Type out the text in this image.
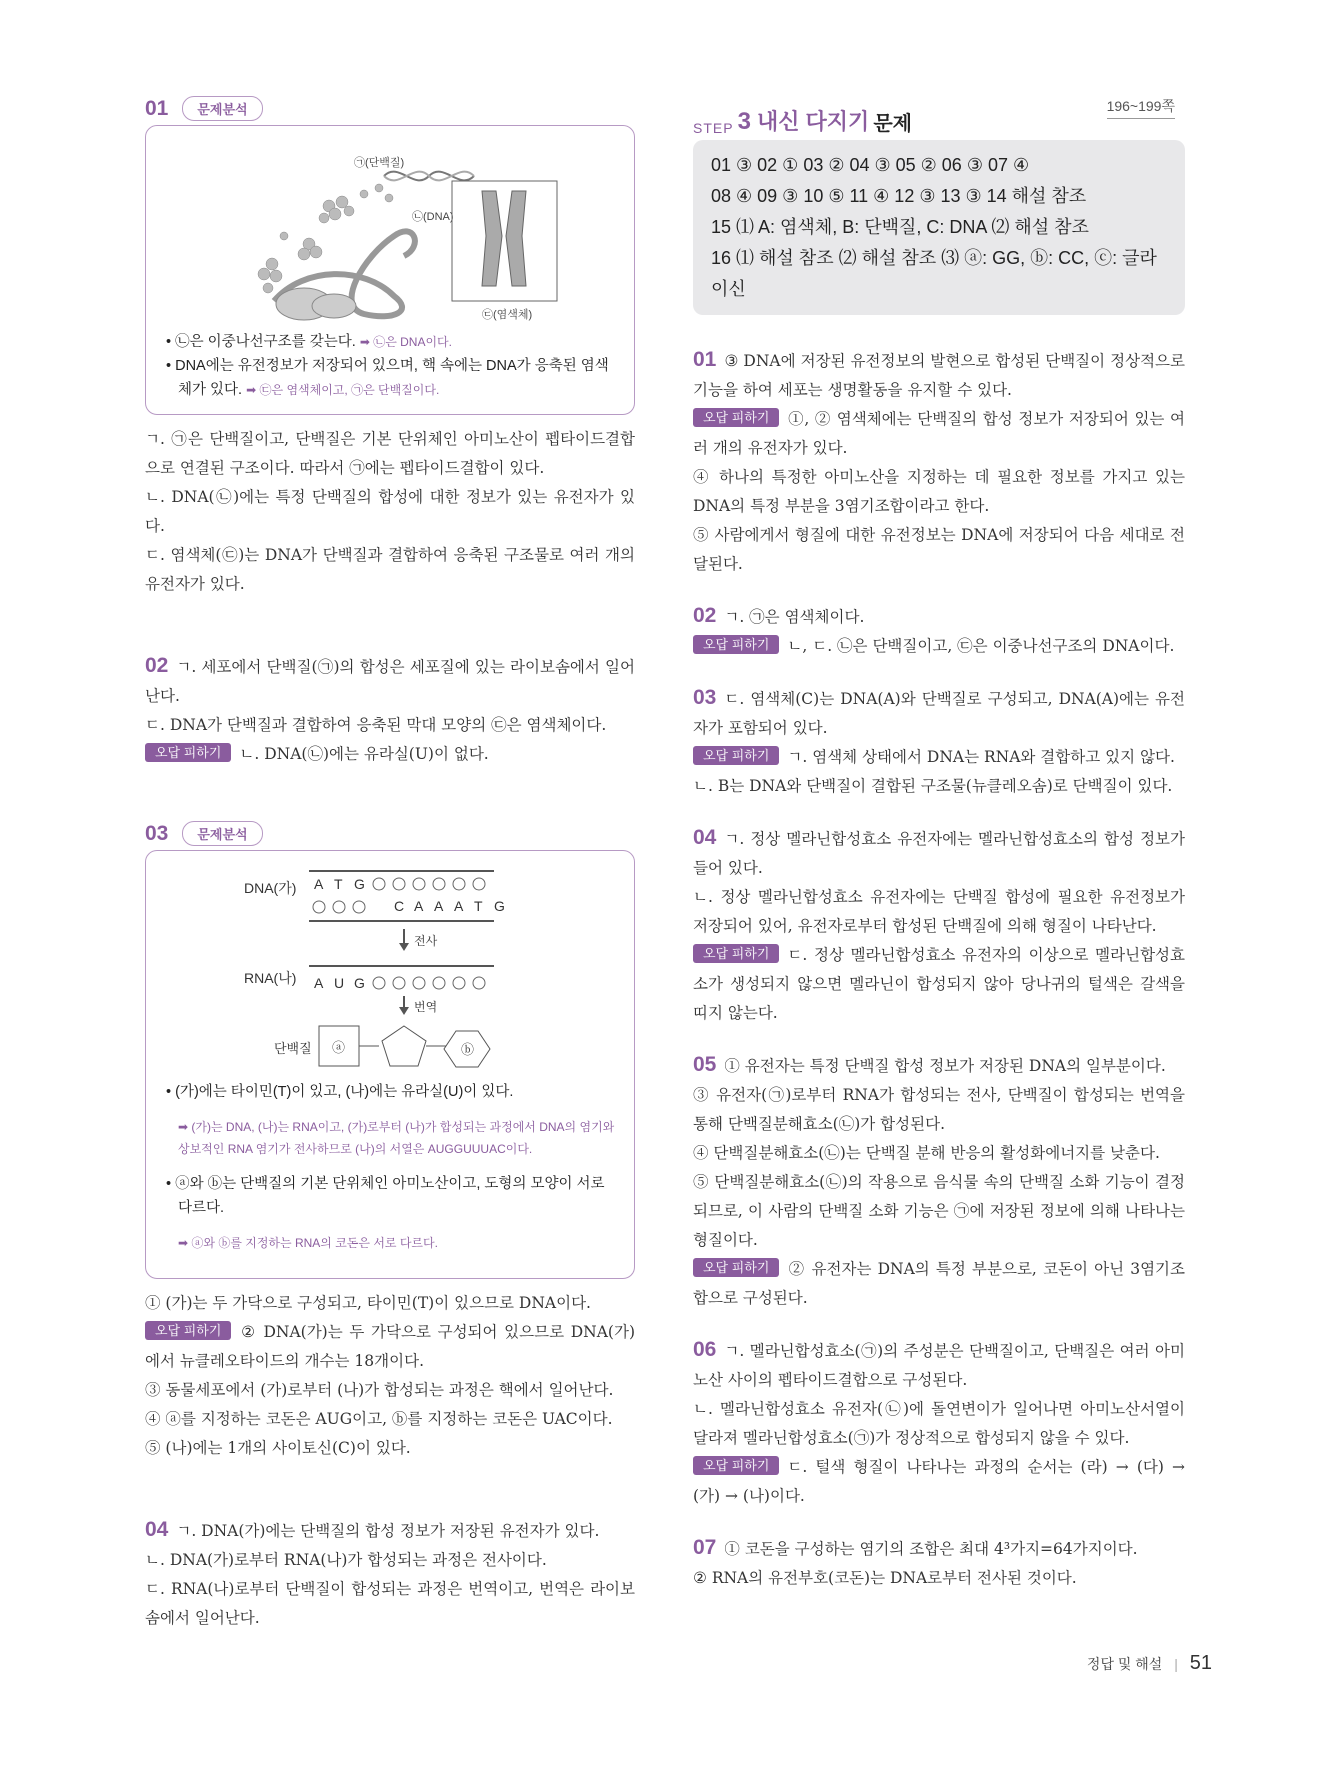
01	문제분석
㉠(단백질)
㉡(DNA)
㉢(염색체)

• ㉡은 이중나선구조를 갖는다. ➡ ㉡은 DNA이다.

• DNA에는 유전정보가 저장되어 있으며, 핵 속에는 DNA가 응축된 염색체가 있다. ➡ ㉢은 염색체이고, ㉠은 단백질이다.

ㄱ. ㉠은 단백질이고, 단백질은 기본 단위체인 아미노산이 펩타이드결합으로 연결된 구조이다. 따라서 ㉠에는 펩타이드결합이 있다.

ㄴ. DNA(㉡)에는 특정 단백질의 합성에 대한 정보가 있는 유전자가 있다.

ㄷ. 염색체(㉢)는 DNA가 단백질과 결합하여 응축된 구조물로 여러 개의 유전자가 있다.

02 ㄱ. 세포에서 단백질(㉠)의 합성은 세포질에 있는 라이보솜에서 일어난다.

ㄷ. DNA가 단백질과 결합하여 응축된 막대 모양의 ㉢은 염색체이다.

오답 피하기 ㄴ. DNA(㉡)에는 유라실(U)이 없다.

03	문제분석
DNA(가) A T G
C A A A T G
전사
RNA(나) A U G
번역
단백질 ⓐ	ⓑ

• (가)에는 타이민(T)이 있고, (나)에는 유라실(U)이 있다.

➡ (가)는 DNA, (나)는 RNA이고, (가)로부터 (나)가 합성되는 과정에서 DNA의 염기와 상보적인 RNA 염기가 전사하므로 (나)의 서열은 AUGGUUUAC이다.

• ⓐ와 ⓑ는 단백질의 기본 단위체인 아미노산이고, 도형의 모양이 서로 다르다.

➡ ⓐ와 ⓑ를 지정하는 RNA의 코돈은 서로 다르다.

① (가)는 두 가닥으로 구성되고, 타이민(T)이 있으므로 DNA이다.

오답 피하기 ② DNA(가)는 두 가닥으로 구성되어 있으므로 DNA(가)에서 뉴클레오타이드의 개수는 18개이다.

③ 동물세포에서 (가)로부터 (나)가 합성되는 과정은 핵에서 일어난다.

④ ⓐ를 지정하는 코돈은 AUG이고, ⓑ를 지정하는 코돈은 UAC이다.

⑤ (나)에는 1개의 사이토신(C)이 있다.

04 ㄱ. DNA(가)에는 단백질의 합성 정보가 저장된 유전자가 있다.

ㄴ. DNA(가)로부터 RNA(나)가 합성되는 과정은 전사이다.

ㄷ. RNA(나)로부터 단백질이 합성되는 과정은 번역이고, 번역은 라이보솜에서 일어난다.

STEP 3 내신 다지기 문제
196~199쪽
01 ③ 02 ① 03 ② 04 ③ 05 ② 06 ③ 07 ④
08 ④ 09 ③ 10 ⑤ 11 ④ 12 ③ 13 ③ 14 해설 참조
15 ⑴ A: 염색체, B: 단백질, C: DNA ⑵ 해설 참조
16 ⑴ 해설 참조 ⑵ 해설 참조 ⑶ ⓐ: GG, ⓑ: CC, ⓒ: 글라이신

01 ③ DNA에 저장된 유전정보의 발현으로 합성된 단백질이 정상적으로 기능을 하여 세포는 생명활동을 유지할 수 있다.

오답 피하기 ①, ② 염색체에는 단백질의 합성 정보가 저장되어 있는 여러 개의 유전자가 있다.

④ 하나의 특정한 아미노산을 지정하는 데 필요한 정보를 가지고 있는 DNA의 특정 부분을 3염기조합이라고 한다.

⑤ 사람에게서 형질에 대한 유전정보는 DNA에 저장되어 다음 세대로 전달된다.

02 ㄱ. ㉠은 염색체이다.

오답 피하기 ㄴ, ㄷ. ㉡은 단백질이고, ㉢은 이중나선구조의 DNA이다.

03 ㄷ. 염색체(C)는 DNA(A)와 단백질로 구성되고, DNA(A)에는 유전자가 포함되어 있다.

오답 피하기 ㄱ. 염색체 상태에서 DNA는 RNA와 결합하고 있지 않다.

ㄴ. B는 DNA와 단백질이 결합된 구조물(뉴클레오솜)로 단백질이 있다.

04 ㄱ. 정상 멜라닌합성효소 유전자에는 멜라닌합성효소의 합성 정보가 들어 있다.

ㄴ. 정상 멜라닌합성효소 유전자에는 단백질 합성에 필요한 유전정보가 저장되어 있어, 유전자로부터 합성된 단백질에 의해 형질이 나타난다.

오답 피하기 ㄷ. 정상 멜라닌합성효소 유전자의 이상으로 멜라닌합성효소가 생성되지 않으면 멜라닌이 합성되지 않아 당나귀의 털색은 갈색을 띠지 않는다.

05 ① 유전자는 특정 단백질 합성 정보가 저장된 DNA의 일부분이다.

③ 유전자(㉠)로부터 RNA가 합성되는 전사, 단백질이 합성되는 번역을 통해 단백질분해효소(㉡)가 합성된다.

④ 단백질분해효소(㉡)는 단백질 분해 반응의 활성화에너지를 낮춘다.

⑤ 단백질분해효소(㉡)의 작용으로 음식물 속의 단백질 소화 기능이 결정되므로, 이 사람의 단백질 소화 기능은 ㉠에 저장된 정보에 의해 나타나는 형질이다.

오답 피하기 ② 유전자는 DNA의 특정 부분으로, 코돈이 아닌 3염기조합으로 구성된다.

06 ㄱ. 멜라닌합성효소(㉠)의 주성분은 단백질이고, 단백질은 여러 아미노산 사이의 펩타이드결합으로 구성된다.

ㄴ. 멜라닌합성효소 유전자(㉡)에 돌연변이가 일어나면 아미노산서열이 달라져 멜라닌합성효소(㉠)가 정상적으로 합성되지 않을 수 있다.

오답 피하기 ㄷ. 털색 형질이 나타나는 과정의 순서는 (라) → (다) → (가) → (나)이다.

07 ① 코돈을 구성하는 염기의 조합은 최대 4³가지=64가지이다.

② RNA의 유전부호(코돈)는 DNA로부터 전사된 것이다.

정답 및 해설 | 51
